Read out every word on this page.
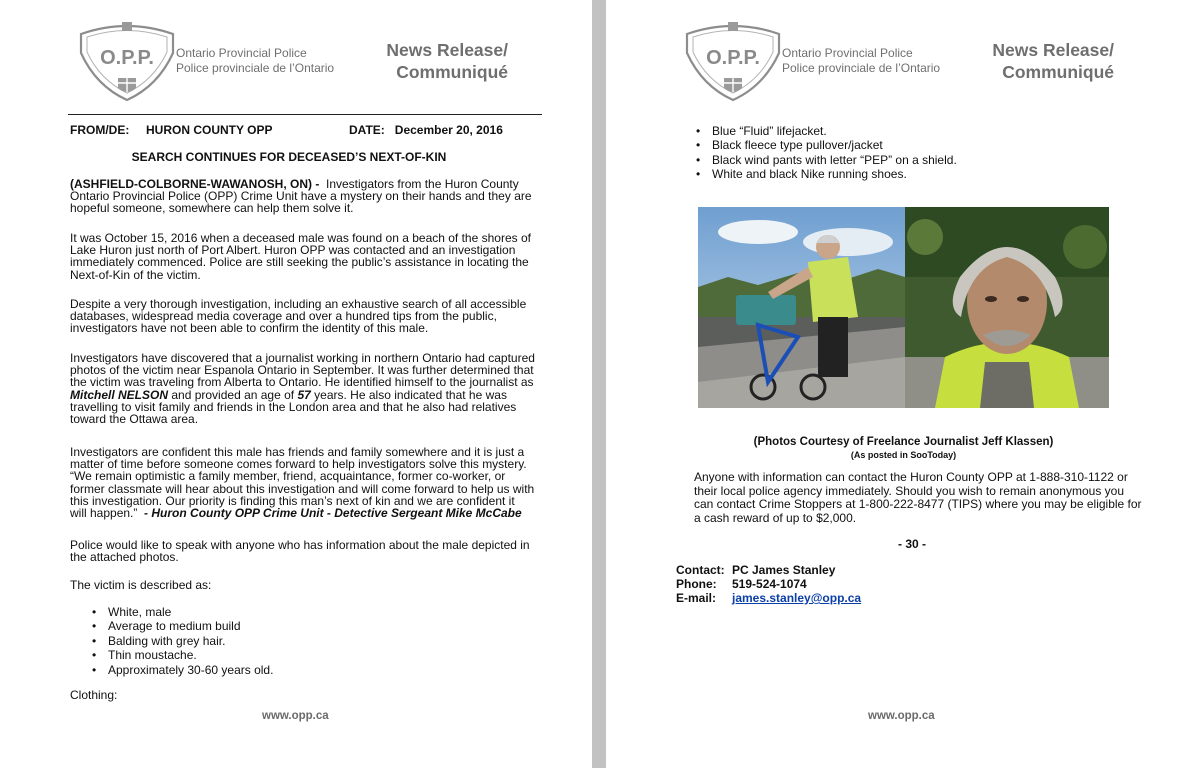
O.P.P. Ontario Provincial Police
Police provinciale de l’Ontario
News Release/
Communiqué
FROM/DE: HURON COUNTY OPP	DATE: December 20, 2016
SEARCH CONTINUES FOR DECEASED’S NEXT-OF-KIN
(ASHFIELD-COLBORNE-WAWANOSH, ON) - Investigators from the Huron County
Ontario Provincial Police (OPP) Crime Unit have a mystery on their hands and they are
hopeful someone, somewhere can help them solve it.
It was October 15, 2016 when a deceased male was found on a beach of the shores of
Lake Huron just north of Port Albert. Huron OPP was contacted and an investigation
immediately commenced. Police are still seeking the public’s assistance in locating the
Next-of-Kin of the victim.
Despite a very thorough investigation, including an exhaustive search of all accessible
databases, widespread media coverage and over a hundred tips from the public,
investigators have not been able to confirm the identity of this male.
Investigators have discovered that a journalist working in northern Ontario had captured
photos of the victim near Espanola Ontario in September. It was further determined that
the victim was traveling from Alberta to Ontario. He identified himself to the journalist as
Mitchell NELSON and provided an age of 57 years. He also indicated that he was
travelling to visit family and friends in the London area and that he also had relatives
toward the Ottawa area.
Investigators are confident this male has friends and family somewhere and it is just a
matter of time before someone comes forward to help investigators solve this mystery.
“We remain optimistic a family member, friend, acquaintance, former co-worker, or
former classmate will hear about this investigation and will come forward to help us with
this investigation. Our priority is finding this man’s next of kin and we are confident it
will happen.” - Huron County OPP Crime Unit - Detective Sergeant Mike McCabe
Police would like to speak with anyone who has information about the male depicted in
the attached photos.
The victim is described as:
• White, male
• Average to medium build
• Balding with grey hair.
• Thin moustache.
• Approximately 30-60 years old.
Clothing:
www.opp.ca
O.P.P. Ontario Provincial Police
Police provinciale de l’Ontario
News Release/
Communiqué
• Blue “Fluid” lifejacket.
• Black fleece type pullover/jacket
• Black wind pants with letter “PEP” on a shield.
• White and black Nike running shoes.
(Photos Courtesy of Freelance Journalist Jeff Klassen)
(As posted in SooToday)
Anyone with information can contact the Huron County OPP at 1-888-310-1122 or
their local police agency immediately. Should you wish to remain anonymous you
can contact Crime Stoppers at 1-800-222-8477 (TIPS) where you may be eligible for
a cash reward of up to $2,000.
- 30 -
Contact: PC James Stanley
Phone: 519-524-1074
E-mail: james.stanley@opp.ca
www.opp.ca
